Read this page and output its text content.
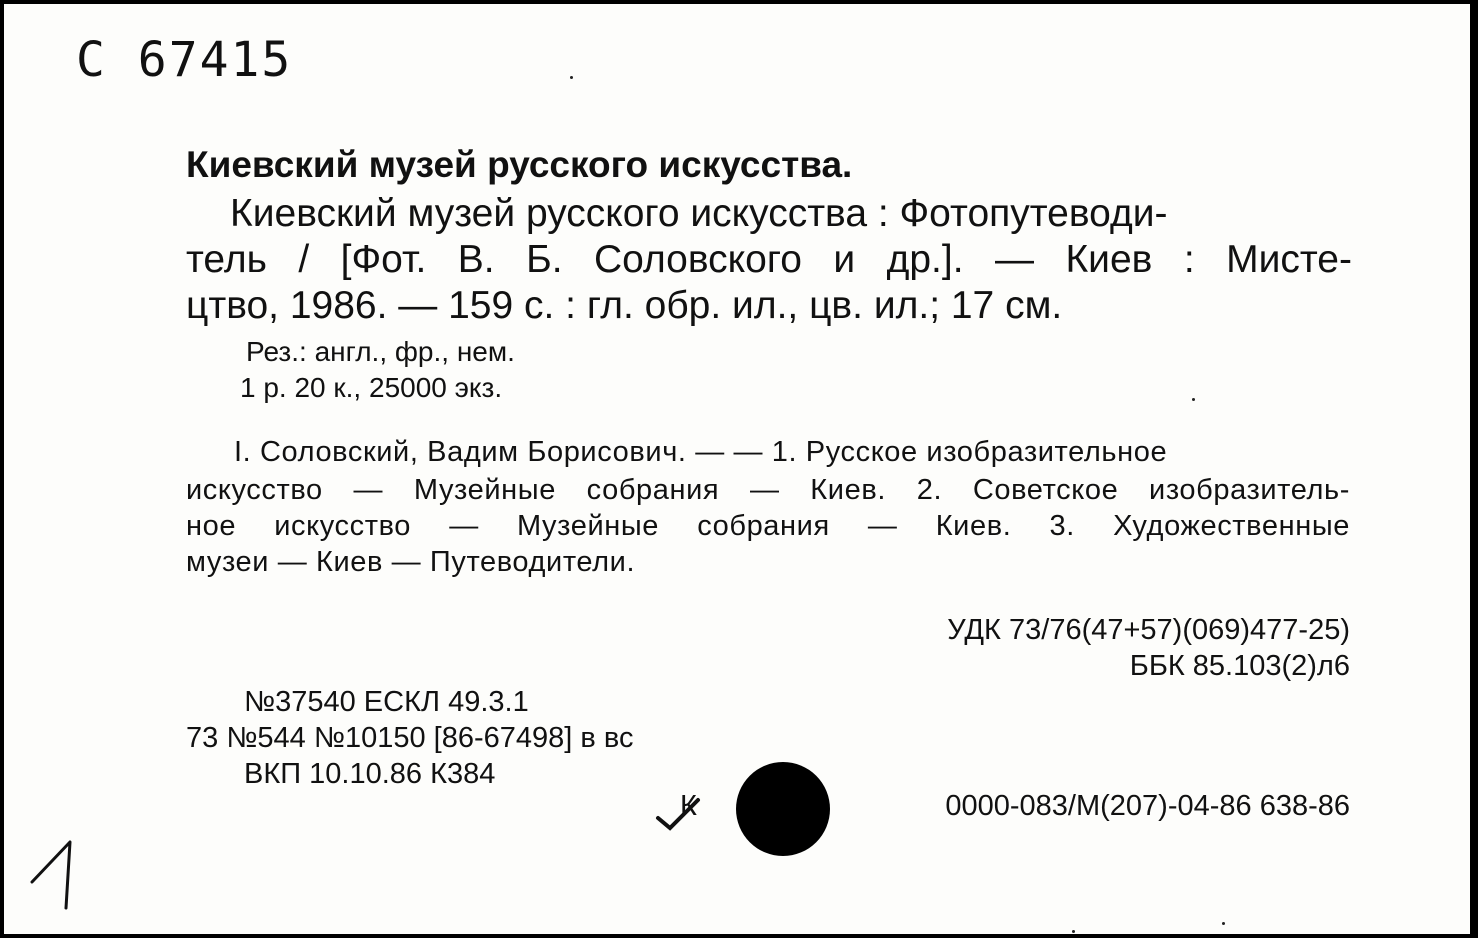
С 67415
Киевский музей русского искусства.
Киевский музей русского искусства : Фотопутеводи-
тель / [Фот. В. Б. Соловского и др.]. — Киев : Мисте-
цтво, 1986. — 159 с. : гл. обр. ил., цв. ил.; 17 см.
Рез.: англ., фр., нем.
1 р. 20 к., 25000 экз.
I. Соловский, Вадим Борисович. — — 1. Русское изобразительное
искусство — Музейные собрания — Киев. 2. Советское изобразитель-
ное искусство — Музейные собрания — Киев. 3. Художественные
музеи — Киев — Путеводители.
УДК 73/76(47+57)(069)477-25)
ББК 85.103(2)л6
№37540 ЕСКЛ 49.3.1
73 №544 №10150 [86-67498] в вс
ВКП 10.10.86 К384
К	0000-083/М(207)-04-86 638-86
